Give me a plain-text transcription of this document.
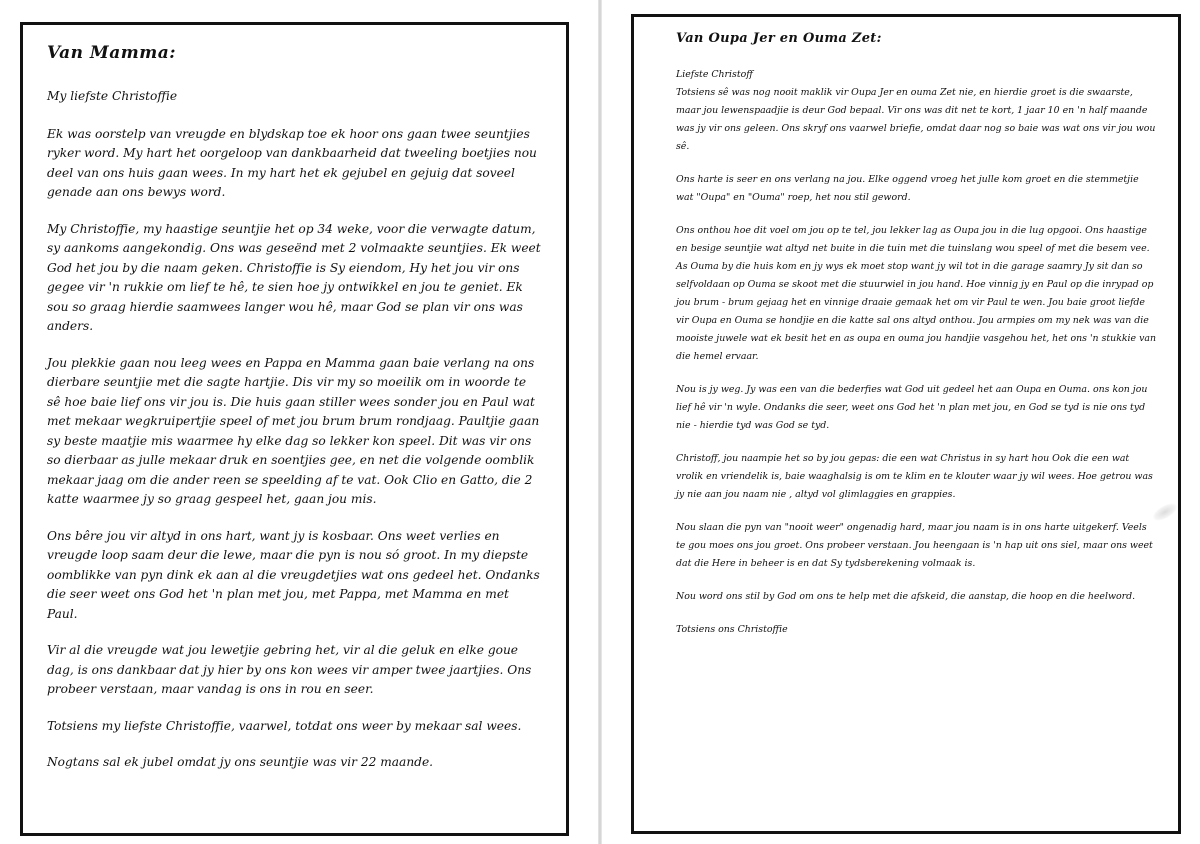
Van Mamma:

My liefste Christoffie

Ek was oorstelp van vreugde en blydskap toe ek hoor ons gaan twee seuntjies ryker word. My hart het oorgeloop van dankbaarheid dat tweeling boetjies nou deel van ons huis gaan wees. In my hart het ek gejubel en gejuig dat soveel genade aan ons bewys word.

My Christoffie, my haastige seuntjie het op 34 weke, voor die verwagte datum, sy aankoms aangekondig. Ons was geseënd met 2 volmaakte seuntjies. Ek weet God het jou by die naam geken. Christoffie is Sy eiendom, Hy het jou vir ons gegee vir 'n rukkie om lief te hê, te sien hoe jy ontwikkel en jou te geniet. Ek sou so graag hierdie saamwees langer wou hê, maar God se plan vir ons was anders.

Jou plekkie gaan nou leeg wees en Pappa en Mamma gaan baie verlang na ons dierbare seuntjie met die sagte hartjie. Dis vir my so moeilik om in woorde te sê hoe baie lief ons vir jou is. Die huis gaan stiller wees sonder jou en Paul wat met mekaar wegkruipertjie speel of met jou brum brum rondjaag. Paultjie gaan sy beste maatjie mis waarmee hy elke dag so lekker kon speel. Dit was vir ons so dierbaar as julle mekaar druk en soentjies gee, en net die volgende oomblik mekaar jaag om die ander reen se speelding af te vat. Ook Clio en Gatto, die 2 katte waarmee jy so graag gespeel het, gaan jou mis.

Ons bêre jou vir altyd in ons hart, want jy is kosbaar. Ons weet verlies en vreugde loop saam deur die lewe, maar die pyn is nou só groot. In my diepste oomblikke van pyn dink ek aan al die vreugdetjies wat ons gedeel het. Ondanks die seer weet ons God het 'n plan met jou, met Pappa, met Mamma en met Paul.

Vir al die vreugde wat jou lewetjie gebring het, vir al die geluk en elke goue dag, is ons dankbaar dat jy hier by ons kon wees vir amper twee jaartjies. Ons probeer verstaan, maar vandag is ons in rou en seer.

Totsiens my liefste Christoffie, vaarwel, totdat ons weer by mekaar sal wees.

Nogtans sal ek jubel omdat jy ons seuntjie was vir 22 maande.

Van Oupa Jer en Ouma Zet:

Liefste Christoff

Totsiens sê was nog nooit maklik vir Oupa Jer en ouma Zet nie, en hierdie groet is die swaarste, maar jou lewenspaadjie is deur God bepaal. Vir ons was dit net te kort, 1 jaar 10 en 'n half maande was jy vir ons geleen. Ons skryf ons vaarwel briefie, omdat daar nog so baie was wat ons vir jou wou sê.

Ons harte is seer en ons verlang na jou. Elke oggend vroeg het julle kom groet en die stemmetjie wat "Oupa" en "Ouma" roep, het nou stil geword.

Ons onthou hoe dit voel om jou op te tel, jou lekker lag as Oupa jou in die lug opgooi. Ons haastige en besige seuntjie wat altyd net buite in die tuin met die tuinslang wou speel of met die besem vee. As Ouma by die huis kom en jy wys ek moet stop want jy wil tot in die garage saamry Jy sit dan so selfvoldaan op Ouma se skoot met die stuurwiel in jou hand. Hoe vinnig jy en Paul op die inrypad op jou brum - brum gejaag het en vinnige draaie gemaak het om vir Paul te wen. Jou baie groot liefde vir Oupa en Ouma se hondjie en die katte sal ons altyd onthou. Jou armpies om my nek was van die mooiste juwele wat ek besit het en as oupa en ouma jou handjie vasgehou het, het ons 'n stukkie van die hemel ervaar.

Nou is jy weg. Jy was een van die bederfies wat God uit gedeel het aan Oupa en Ouma. ons kon jou lief hê vir 'n wyle. Ondanks die seer, weet ons God het 'n plan met jou, en God se tyd is nie ons tyd nie - hierdie tyd was God se tyd.

Christoff, jou naampie het so by jou gepas: die een wat Christus in sy hart hou Ook die een wat vrolik en vriendelik is, baie waaghalsig is om te klim en te klouter waar jy wil wees. Hoe getrou was jy nie aan jou naam nie , altyd vol glimlaggies en grappies.

Nou slaan die pyn van "nooit weer" ongenadig hard, maar jou naam is in ons harte uitgekerf. Veels te gou moes ons jou groet. Ons probeer verstaan. Jou heengaan is 'n hap uit ons siel, maar ons weet dat die Here in beheer is en dat Sy tydsberekening volmaak is.

Nou word ons stil by God om ons te help met die afskeid, die aanstap, die hoop en die heelword.

Totsiens ons Christoffie
